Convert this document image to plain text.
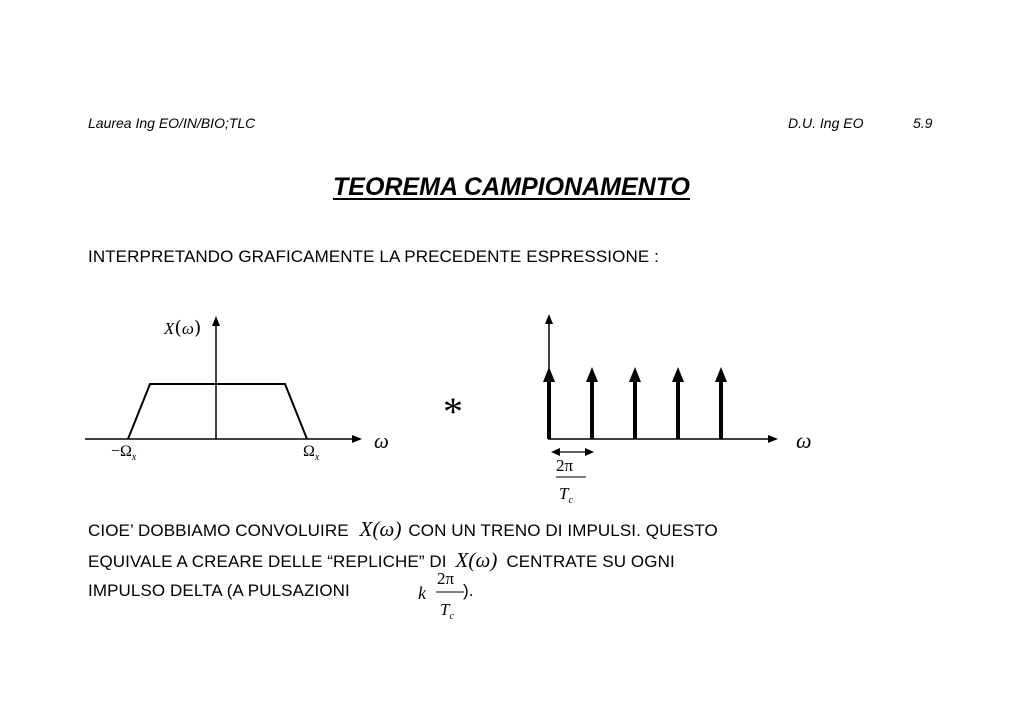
Laurea Ing EO/IN/BIO;TLC	D.U. Ing EO	5.9
TEOREMA CAMPIONAMENTO
INTERPRETANDO GRAFICAMENTE LA PRECEDENTE ESPRESSIONE :
X(ω)
ω
$-\Omega_x$	$\Omega_x$
*
2π
$T_c$
ω
CIOE’ DOBBIAMO CONVOLUIRE X(ω) CON UN TRENO DI IMPULSI. QUESTO
EQUIVALE A CREARE DELLE “REPLICHE” DI X(ω) CENTRATE SU OGNI
IMPULSO DELTA (A PULSAZIONI	k
2π
$T_c$
).
